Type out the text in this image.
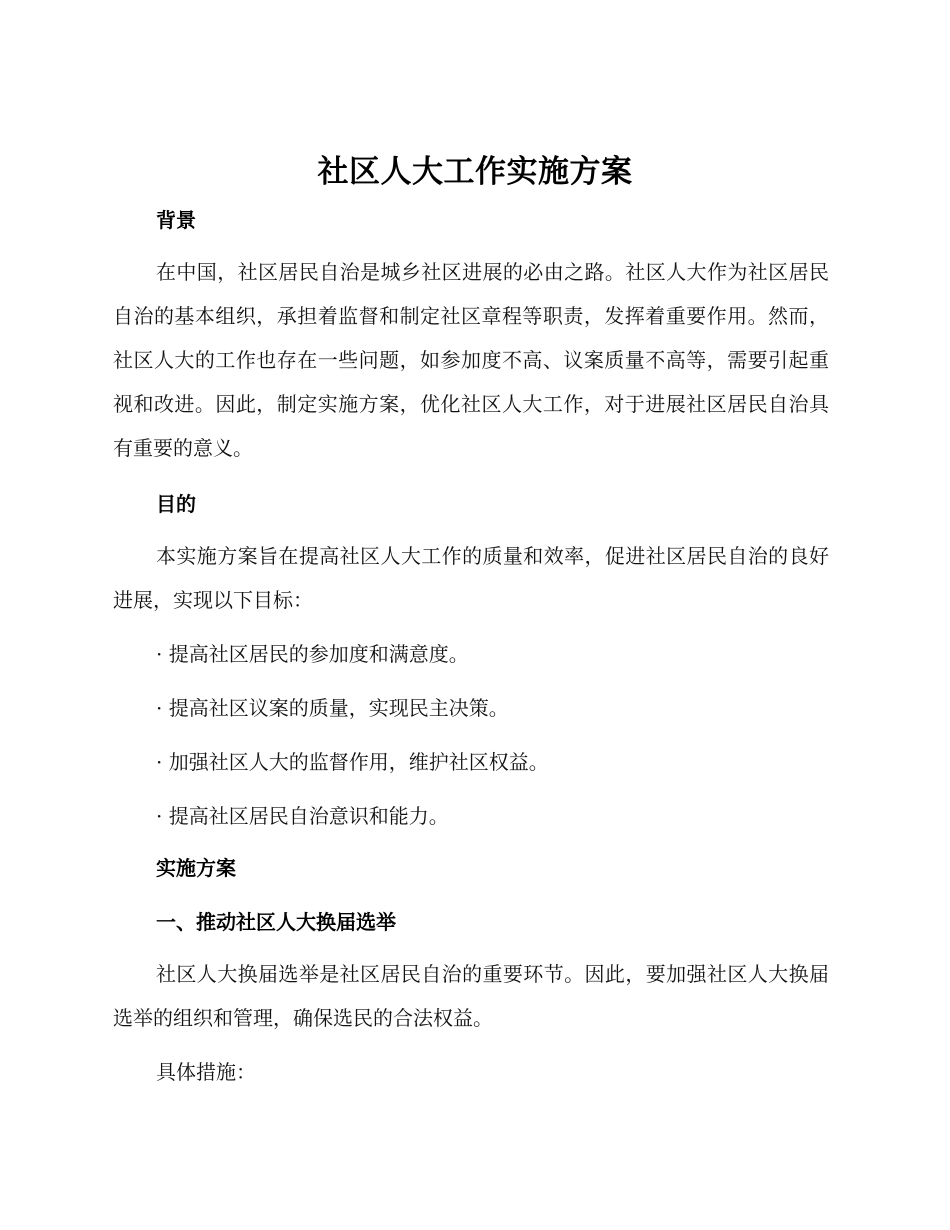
社区人大工作实施方案
背景

在中国，社区居民自治是城乡社区进展的必由之路。社区人大作为社区居民自治的基本组织，承担着监督和制定社区章程等职责，发挥着重要作用。然而，社区人大的工作也存在一些问题，如参加度不高、议案质量不高等，需要引起重视和改进。因此，制定实施方案，优化社区人大工作，对于进展社区居民自治具有重要的意义。

目的

本实施方案旨在提高社区人大工作的质量和效率，促进社区居民自治的良好进展，实现以下目标：

· 提高社区居民的参加度和满意度。

· 提高社区议案的质量，实现民主决策。

· 加强社区人大的监督作用，维护社区权益。

· 提高社区居民自治意识和能力。

实施方案
一、推动社区人大换届选举

社区人大换届选举是社区居民自治的重要环节。因此，要加强社区人大换届选举的组织和管理，确保选民的合法权益。

具体措施：
